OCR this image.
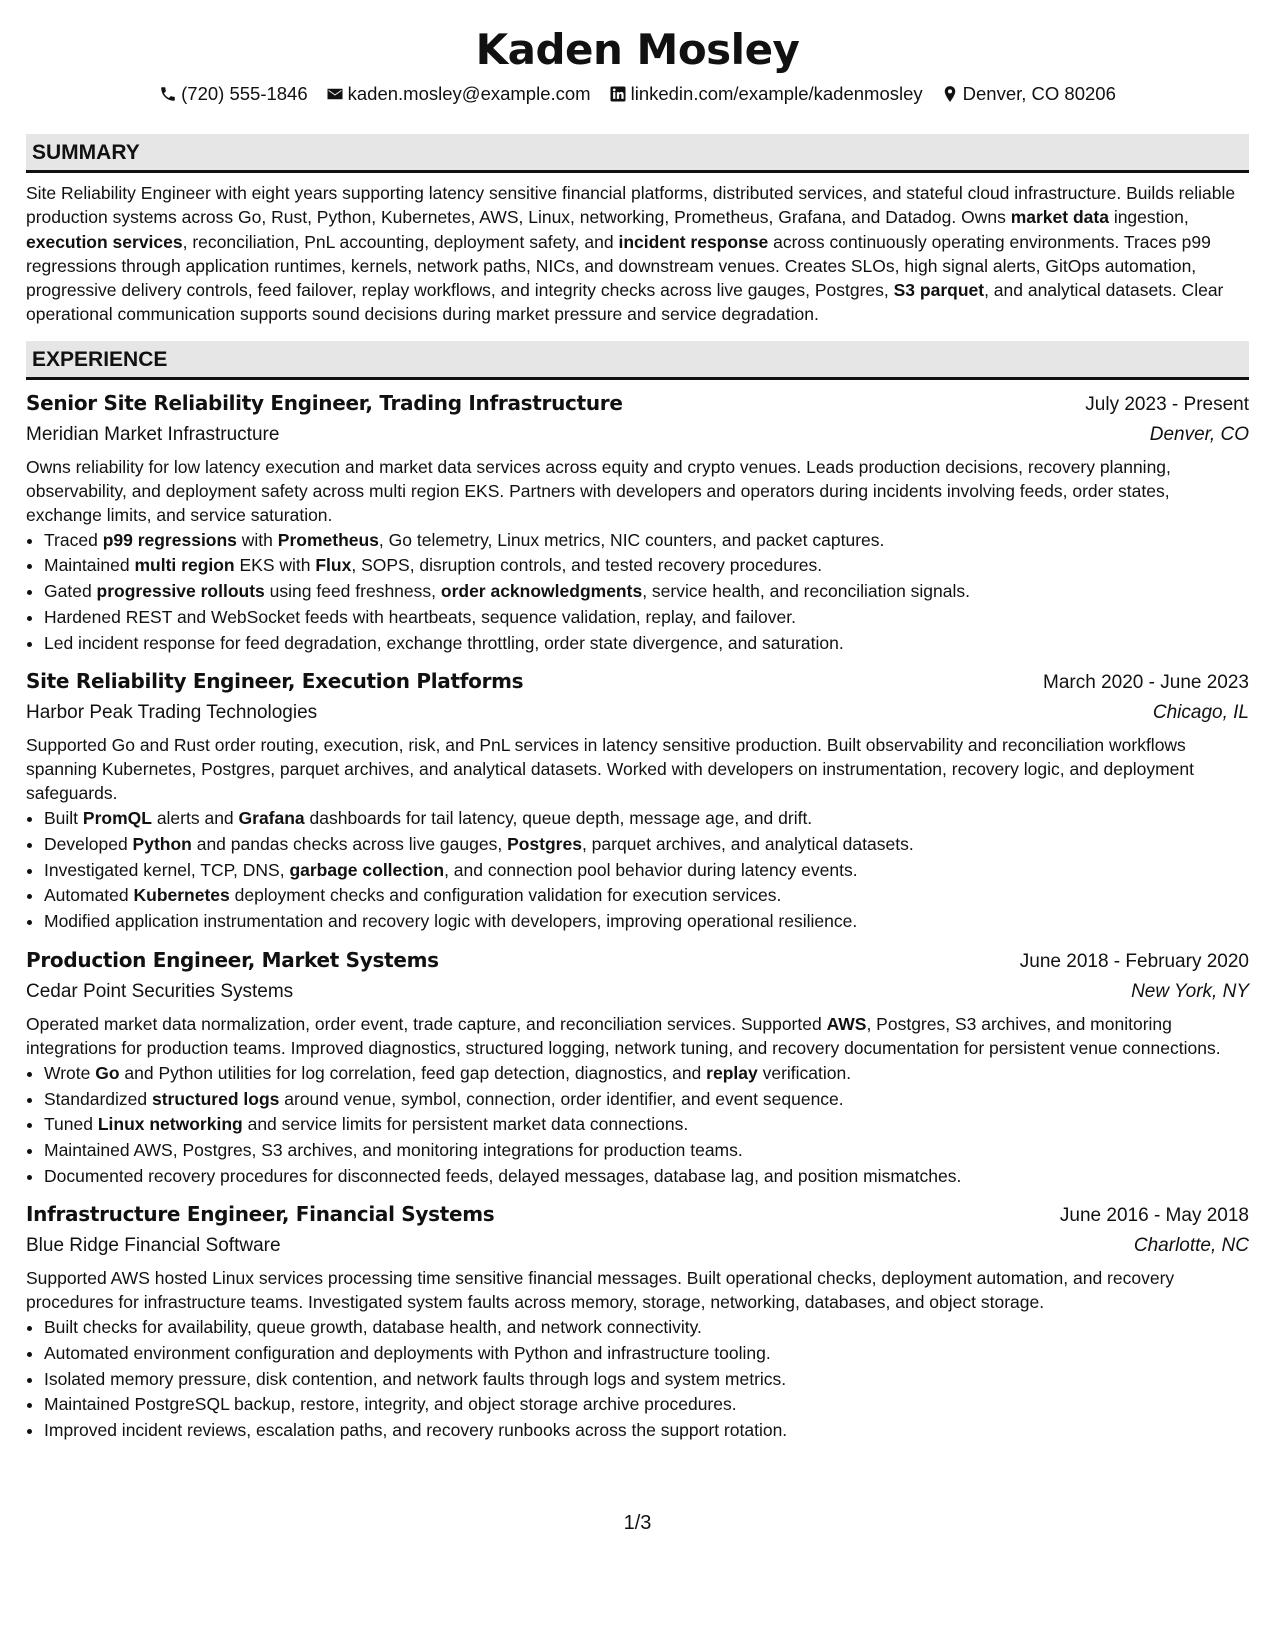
Kaden Mosley
(720) 555-1846 kaden.mosley@example.com linkedin.com/example/kadenmosley Denver, CO 80206
SUMMARY
Site Reliability Engineer with eight years supporting latency sensitive financial platforms, distributed services, and stateful cloud infrastructure. Builds reliable production systems across Go, Rust, Python, Kubernetes, AWS, Linux, networking, Prometheus, Grafana, and Datadog. Owns market data ingestion, execution services, reconciliation, PnL accounting, deployment safety, and incident response across continuously operating environments. Traces p99 regressions through application runtimes, kernels, network paths, NICs, and downstream venues. Creates SLOs, high signal alerts, GitOps automation, progressive delivery controls, feed failover, replay workflows, and integrity checks across live gauges, Postgres, S3 parquet, and analytical datasets. Clear operational communication supports sound decisions during market pressure and service degradation.
EXPERIENCE
Senior Site Reliability Engineer, Trading Infrastructure	July 2023 - Present
Meridian Market Infrastructure	Denver, CO
Owns reliability for low latency execution and market data services across equity and crypto venues. Leads production decisions, recovery planning, observability, and deployment safety across multi region EKS. Partners with developers and operators during incidents involving feeds, order states, exchange limits, and service saturation.
• Traced p99 regressions with Prometheus, Go telemetry, Linux metrics, NIC counters, and packet captures.
• Maintained multi region EKS with Flux, SOPS, disruption controls, and tested recovery procedures.
• Gated progressive rollouts using feed freshness, order acknowledgments, service health, and reconciliation signals.
• Hardened REST and WebSocket feeds with heartbeats, sequence validation, replay, and failover.
• Led incident response for feed degradation, exchange throttling, order state divergence, and saturation.
Site Reliability Engineer, Execution Platforms	March 2020 - June 2023
Harbor Peak Trading Technologies	Chicago, IL
Supported Go and Rust order routing, execution, risk, and PnL services in latency sensitive production. Built observability and reconciliation workflows spanning Kubernetes, Postgres, parquet archives, and analytical datasets. Worked with developers on instrumentation, recovery logic, and deployment safeguards.
• Built PromQL alerts and Grafana dashboards for tail latency, queue depth, message age, and drift.
• Developed Python and pandas checks across live gauges, Postgres, parquet archives, and analytical datasets.
• Investigated kernel, TCP, DNS, garbage collection, and connection pool behavior during latency events.
• Automated Kubernetes deployment checks and configuration validation for execution services.
• Modified application instrumentation and recovery logic with developers, improving operational resilience.
Production Engineer, Market Systems	June 2018 - February 2020
Cedar Point Securities Systems	New York, NY
Operated market data normalization, order event, trade capture, and reconciliation services. Supported AWS, Postgres, S3 archives, and monitoring integrations for production teams. Improved diagnostics, structured logging, network tuning, and recovery documentation for persistent venue connections.
• Wrote Go and Python utilities for log correlation, feed gap detection, diagnostics, and replay verification.
• Standardized structured logs around venue, symbol, connection, order identifier, and event sequence.
• Tuned Linux networking and service limits for persistent market data connections.
• Maintained AWS, Postgres, S3 archives, and monitoring integrations for production teams.
• Documented recovery procedures for disconnected feeds, delayed messages, database lag, and position mismatches.
Infrastructure Engineer, Financial Systems	June 2016 - May 2018
Blue Ridge Financial Software	Charlotte, NC
Supported AWS hosted Linux services processing time sensitive financial messages. Built operational checks, deployment automation, and recovery procedures for infrastructure teams. Investigated system faults across memory, storage, networking, databases, and object storage.
• Built checks for availability, queue growth, database health, and network connectivity.
• Automated environment configuration and deployments with Python and infrastructure tooling.
• Isolated memory pressure, disk contention, and network faults through logs and system metrics.
• Maintained PostgreSQL backup, restore, integrity, and object storage archive procedures.
• Improved incident reviews, escalation paths, and recovery runbooks across the support rotation.
1/3
